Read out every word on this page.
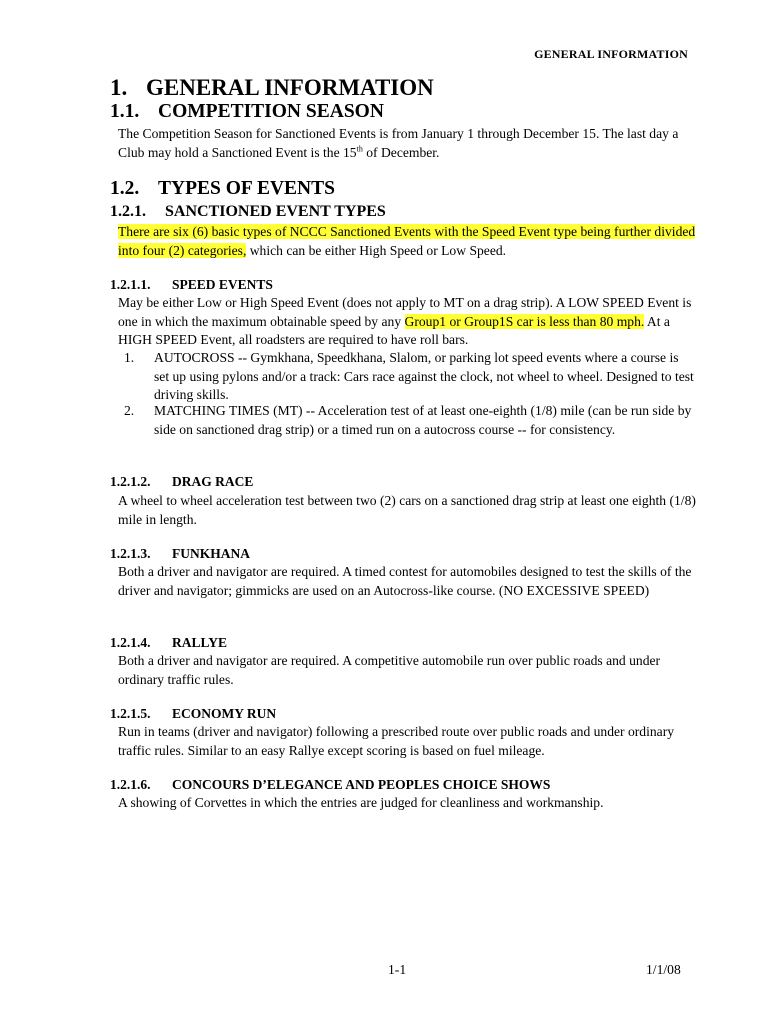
GENERAL INFORMATION
1. GENERAL INFORMATION
1.1. COMPETITION SEASON
The Competition Season for Sanctioned Events is from January 1 through December 15. The last day a Club may hold a Sanctioned Event is the 15th of December.
1.2. TYPES OF EVENTS
1.2.1. SANCTIONED EVENT TYPES
There are six (6) basic types of NCCC Sanctioned Events with the Speed Event type being further divided into four (2) categories, which can be either High Speed or Low Speed.
1.2.1.1. SPEED EVENTS
May be either Low or High Speed Event (does not apply to MT on a drag strip). A LOW SPEED Event is one in which the maximum obtainable speed by any Group1 or Group1S car is less than 80 mph. At a HIGH SPEED Event, all roadsters are required to have roll bars.
1.	AUTOCROSS -- Gymkhana, Speedkhana, Slalom, or parking lot speed events where a course is set up using pylons and/or a track: Cars race against the clock, not wheel to wheel. Designed to test driving skills.
2.	MATCHING TIMES (MT) -- Acceleration test of at least one-eighth (1/8) mile (can be run side by side on sanctioned drag strip) or a timed run on a autocross course -- for consistency.
1.2.1.2. DRAG RACE
A wheel to wheel acceleration test between two (2) cars on a sanctioned drag strip at least one eighth (1/8) mile in length.
1.2.1.3. FUNKHANA
Both a driver and navigator are required. A timed contest for automobiles designed to test the skills of the driver and navigator; gimmicks are used on an Autocross-like course. (NO EXCESSIVE SPEED)
1.2.1.4. RALLYE
Both a driver and navigator are required. A competitive automobile run over public roads and under ordinary traffic rules.
1.2.1.5. ECONOMY RUN
Run in teams (driver and navigator) following a prescribed route over public roads and under ordinary traffic rules. Similar to an easy Rallye except scoring is based on fuel mileage.
1.2.1.6. CONCOURS D’ELEGANCE AND PEOPLES CHOICE SHOWS
A showing of Corvettes in which the entries are judged for cleanliness and workmanship.
1-1	1/1/08
